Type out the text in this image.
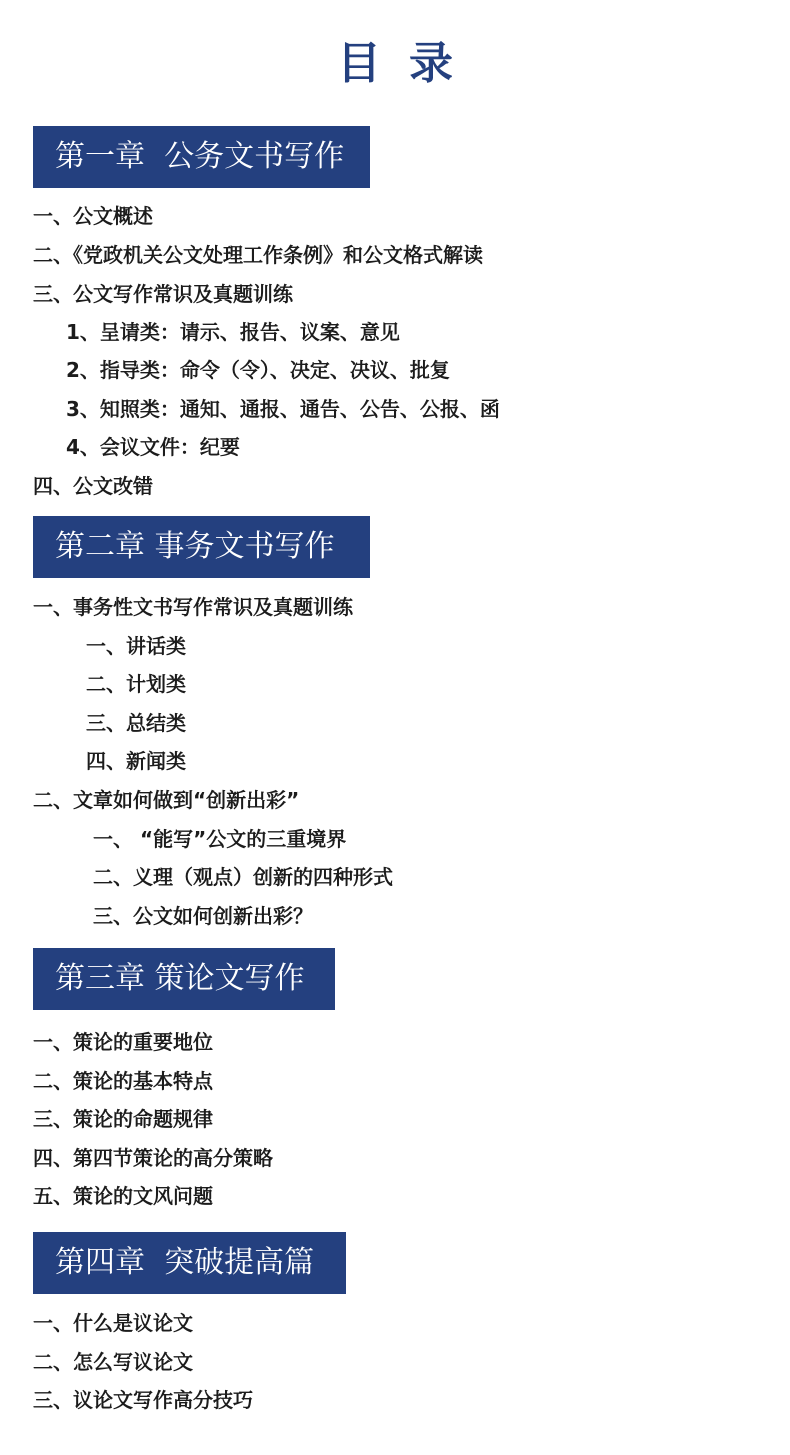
目录
第一章  公务文书写作
一、公文概述
二、《党政机关公文处理工作条例》和公文格式解读
三、公文写作常识及真题训练
1、呈请类：请示、报告、议案、意见
2、指导类：命令（令）、决定、决议、批复
3、知照类：通知、通报、通告、公告、公报、函
4、会议文件：纪要
四、公文改错
第二章 事务文书写作
一、事务性文书写作常识及真题训练
一、讲话类
二、计划类
三、总结类
四、新闻类
二、文章如何做到“创新出彩”
一、 “能写”公文的三重境界
二、义理（观点）创新的四种形式
三、公文如何创新出彩？
第三章 策论文写作
一、策论的重要地位
二、策论的基本特点
三、策论的命题规律
四、第四节策论的高分策略
五、策论的文风问题
第四章  突破提高篇
一、什么是议论文
二、怎么写议论文
三、议论文写作高分技巧
